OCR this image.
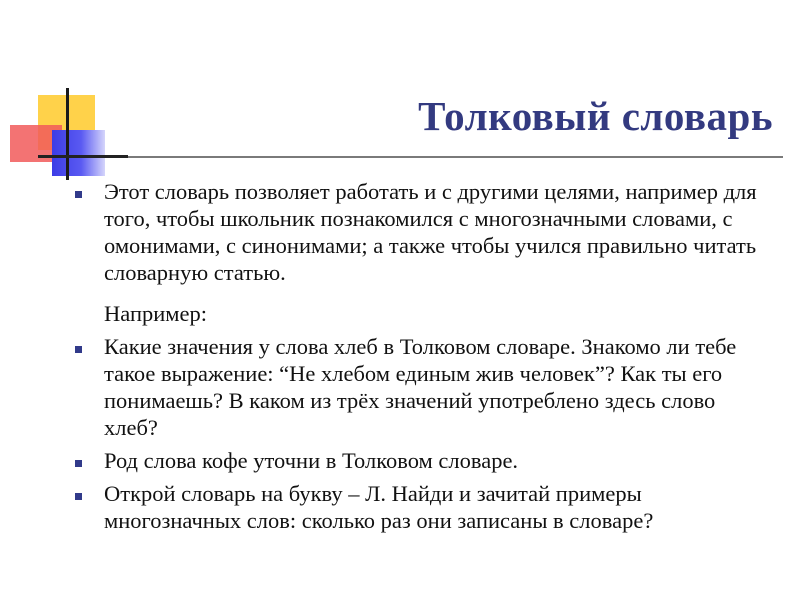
Толковый словарь
Этот словарь позволяет работать и с другими целями, например для того, чтобы школьник познакомился с многозначными словами, с омонимами, с синонимами; а также чтобы учился правильно читать словарную статью.
Например:
Какие значения у слова хлеб в Толковом словаре. Знакомо ли тебе такое выражение: “Не хлебом единым жив человек”? Как ты его понимаешь? В каком из трёх значений употреблено здесь слово хлеб?
Род слова кофе уточни в Толковом словаре.
Открой словарь на букву – Л. Найди и зачитай примеры многозначных слов: сколько раз они записаны в словаре?
